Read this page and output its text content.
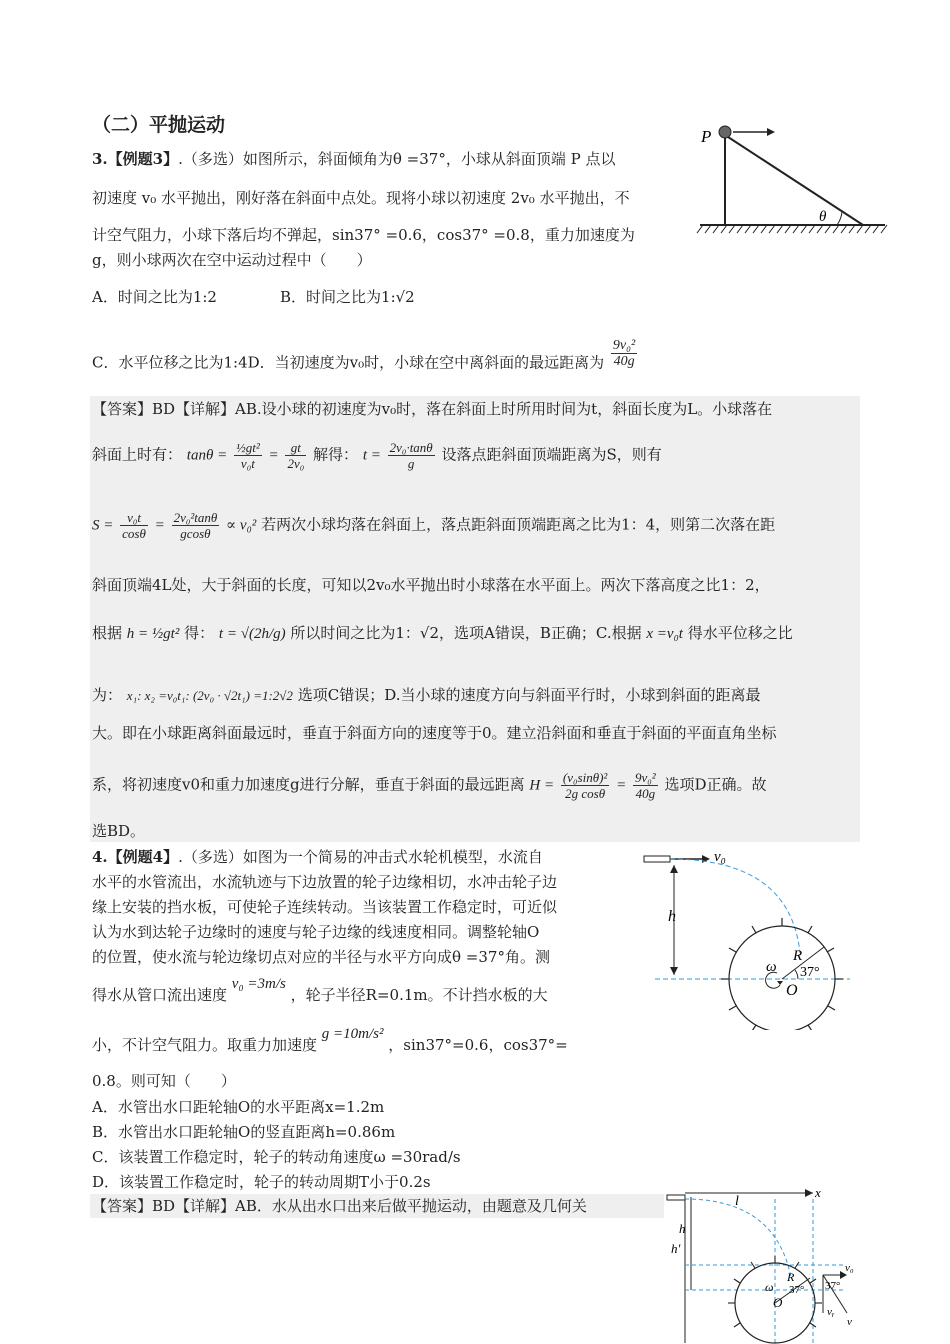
（二）平抛运动
3.【例题3】.（多选）如图所示，斜面倾角为θ =37°，小球从斜面顶端 P 点以
初速度 v₀ 水平抛出，刚好落在斜面中点处。现将小球以初速度 2v₀ 水平抛出，不
计空气阻力，小球下落后均不弹起，sin37° =0.6，cos37° =0.8，重力加速度为
g，则小球两次在空中运动过程中（　　）
A．时间之比为1:2	B．时间之比为1:√2
C．水平位移之比为1:4D．当初速度为v₀时，小球在空中离斜面的最远距离为 $\frac{\text{9v₀²}}{40g}$
P
θ
【答案】BD【详解】AB.设小球的初速度为v₀时，落在斜面上时所用时间为t，斜面长度为L。小球落在
斜面上时有： $\tan\theta = \frac{\text{½gt²}}{\text{v₀t}} = \frac{gt}{\text{2v₀}}$ 解得： $t = \frac{\text{2v₀·tanθ}}{g}$ 设落点距斜面顶端距离为S，则有
$S = \frac{\text{v₀t}}{\cos\theta} = \frac{\text{2v₀²tanθ}}{gcos\theta} \propto v_0^2$ 若两次小球均落在斜面上，落点距斜面顶端距离之比为1：4，则第二次落在距
斜面顶端4L处，大于斜面的长度，可知以2v₀水平抛出时小球落在水平面上。两次下落高度之比1：2，
根据 h = ½gt² 得： t = √(2h/g) 所以时间之比为1：√2，选项A错误，B正确；C.根据 x =v₀t 得水平位移之比
为： x₁: x₂ =v₀t₁: (2v₀ · √2t₁) =1:2√2 选项C错误；D.当小球的速度方向与斜面平行时，小球到斜面的距离最
大。即在小球距离斜面最远时，垂直于斜面方向的速度等于0。建立沿斜面和垂直于斜面的平面直角坐标
系，将初速度v0和重力加速度g进行分解，垂直于斜面的最远距离 $H = \frac{\text{(v₀sinθ)²}}{\text{2g cosθ}} = \frac{\text{9v₀²}}{40g}$ 选项D正确。故
选BD。
4.【例题4】.（多选）如图为一个简易的冲击式水轮机模型，水流自
水平的水管流出，水流轨迹与下边放置的轮子边缘相切，水冲击轮子边
缘上安装的挡水板，可使轮子连续转动。当该装置工作稳定时，可近似
认为水到达轮子边缘时的速度与轮子边缘的线速度相同。调整轮轴O
的位置，使水流与轮边缘切点对应的半径与水平方向成θ =37°角。测
得水从管口流出速度 v₀ =3m/s ，轮子半径R=0.1m。不计挡水板的大
小，不计空气阻力。取重力加速度 g =10m/s² ，sin37°=0.6，cos37°=
0.8。则可知（　　）
A．水管出水口距轮轴O的水平距离x=1.2m
B．水管出水口距轮轴O的竖直距离h=0.86m
C．该装置工作稳定时，轮子的转动角速度ω =30rad/s
D．该装置工作稳定时，轮子的转动周期T小于0.2s
v₀
h
R
37°
ω
O
【答案】BD【详解】AB．水从出水口出来后做平抛运动，由题意及几何关	l
x
h
h'
v₀
R
37° 37°
ω
O
v
vᵧ
